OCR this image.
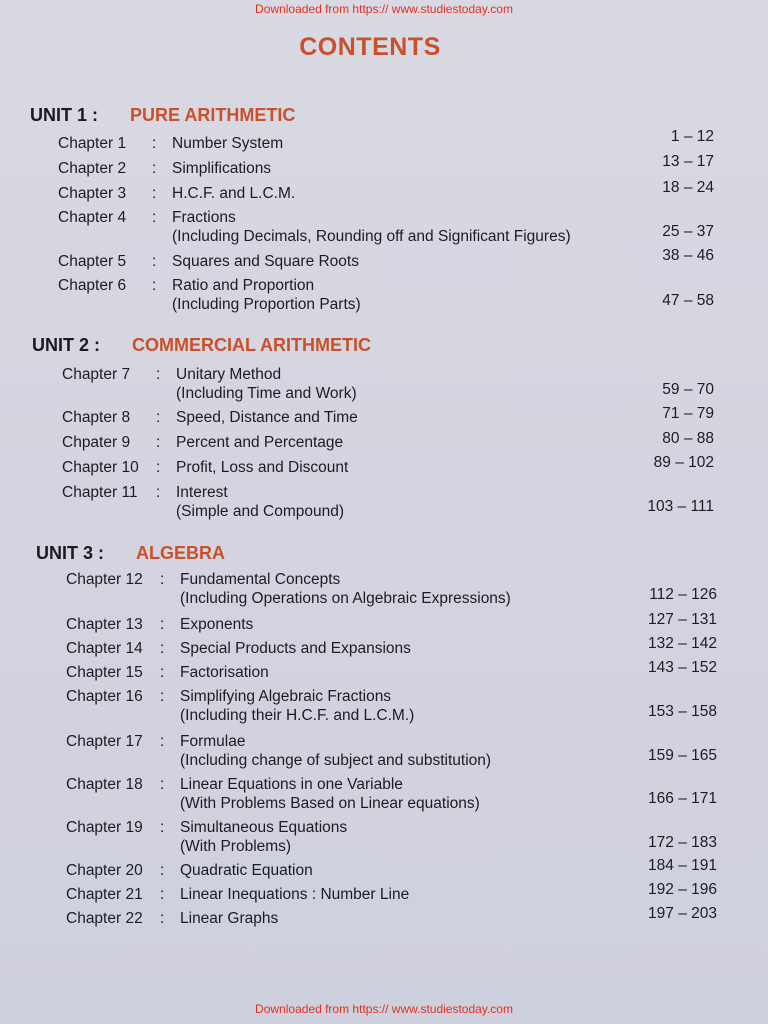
Downloaded from https:// www.studiestoday.com
CONTENTS
UNIT 1 : PURE ARITHMETIC
Chapter 1 : Number System	1 – 12
Chapter 2 : Simplifications	13 – 17
Chapter 3 : H.C.F. and L.C.M.	18 – 24
Chapter 4 : Fractions
(Including Decimals, Rounding off and Significant Figures)	25 – 37
Chapter 5 : Squares and Square Roots	38 – 46
Chapter 6 : Ratio and Proportion
(Including Proportion Parts)	47 – 58
UNIT 2 : COMMERCIAL ARITHMETIC
Chapter 7 : Unitary Method
(Including Time and Work)	59 – 70
Chapter 8 : Speed, Distance and Time	71 – 79
Chpater 9 : Percent and Percentage	80 – 88
Chapter 10 : Profit, Loss and Discount	89 – 102
Chapter 11 : Interest
(Simple and Compound)	103 – 111
UNIT 3 : ALGEBRA
Chapter 12 : Fundamental Concepts
(Including Operations on Algebraic Expressions)	112 – 126
Chapter 13 : Exponents	127 – 131
Chapter 14 : Special Products and Expansions	132 – 142
Chapter 15 : Factorisation	143 – 152
Chapter 16 : Simplifying Algebraic Fractions
(Including their H.C.F. and L.C.M.)	153 – 158
Chapter 17 : Formulae
(Including change of subject and substitution)	159 – 165
Chapter 18 : Linear Equations in one Variable
(With Problems Based on Linear equations)	166 – 171
Chapter 19 : Simultaneous Equations
(With Problems)	172 – 183
Chapter 20 : Quadratic Equation	184 – 191
Chapter 21 : Linear Inequations : Number Line	192 – 196
Chapter 22 : Linear Graphs	197 – 203
Downloaded from https:// www.studiestoday.com
